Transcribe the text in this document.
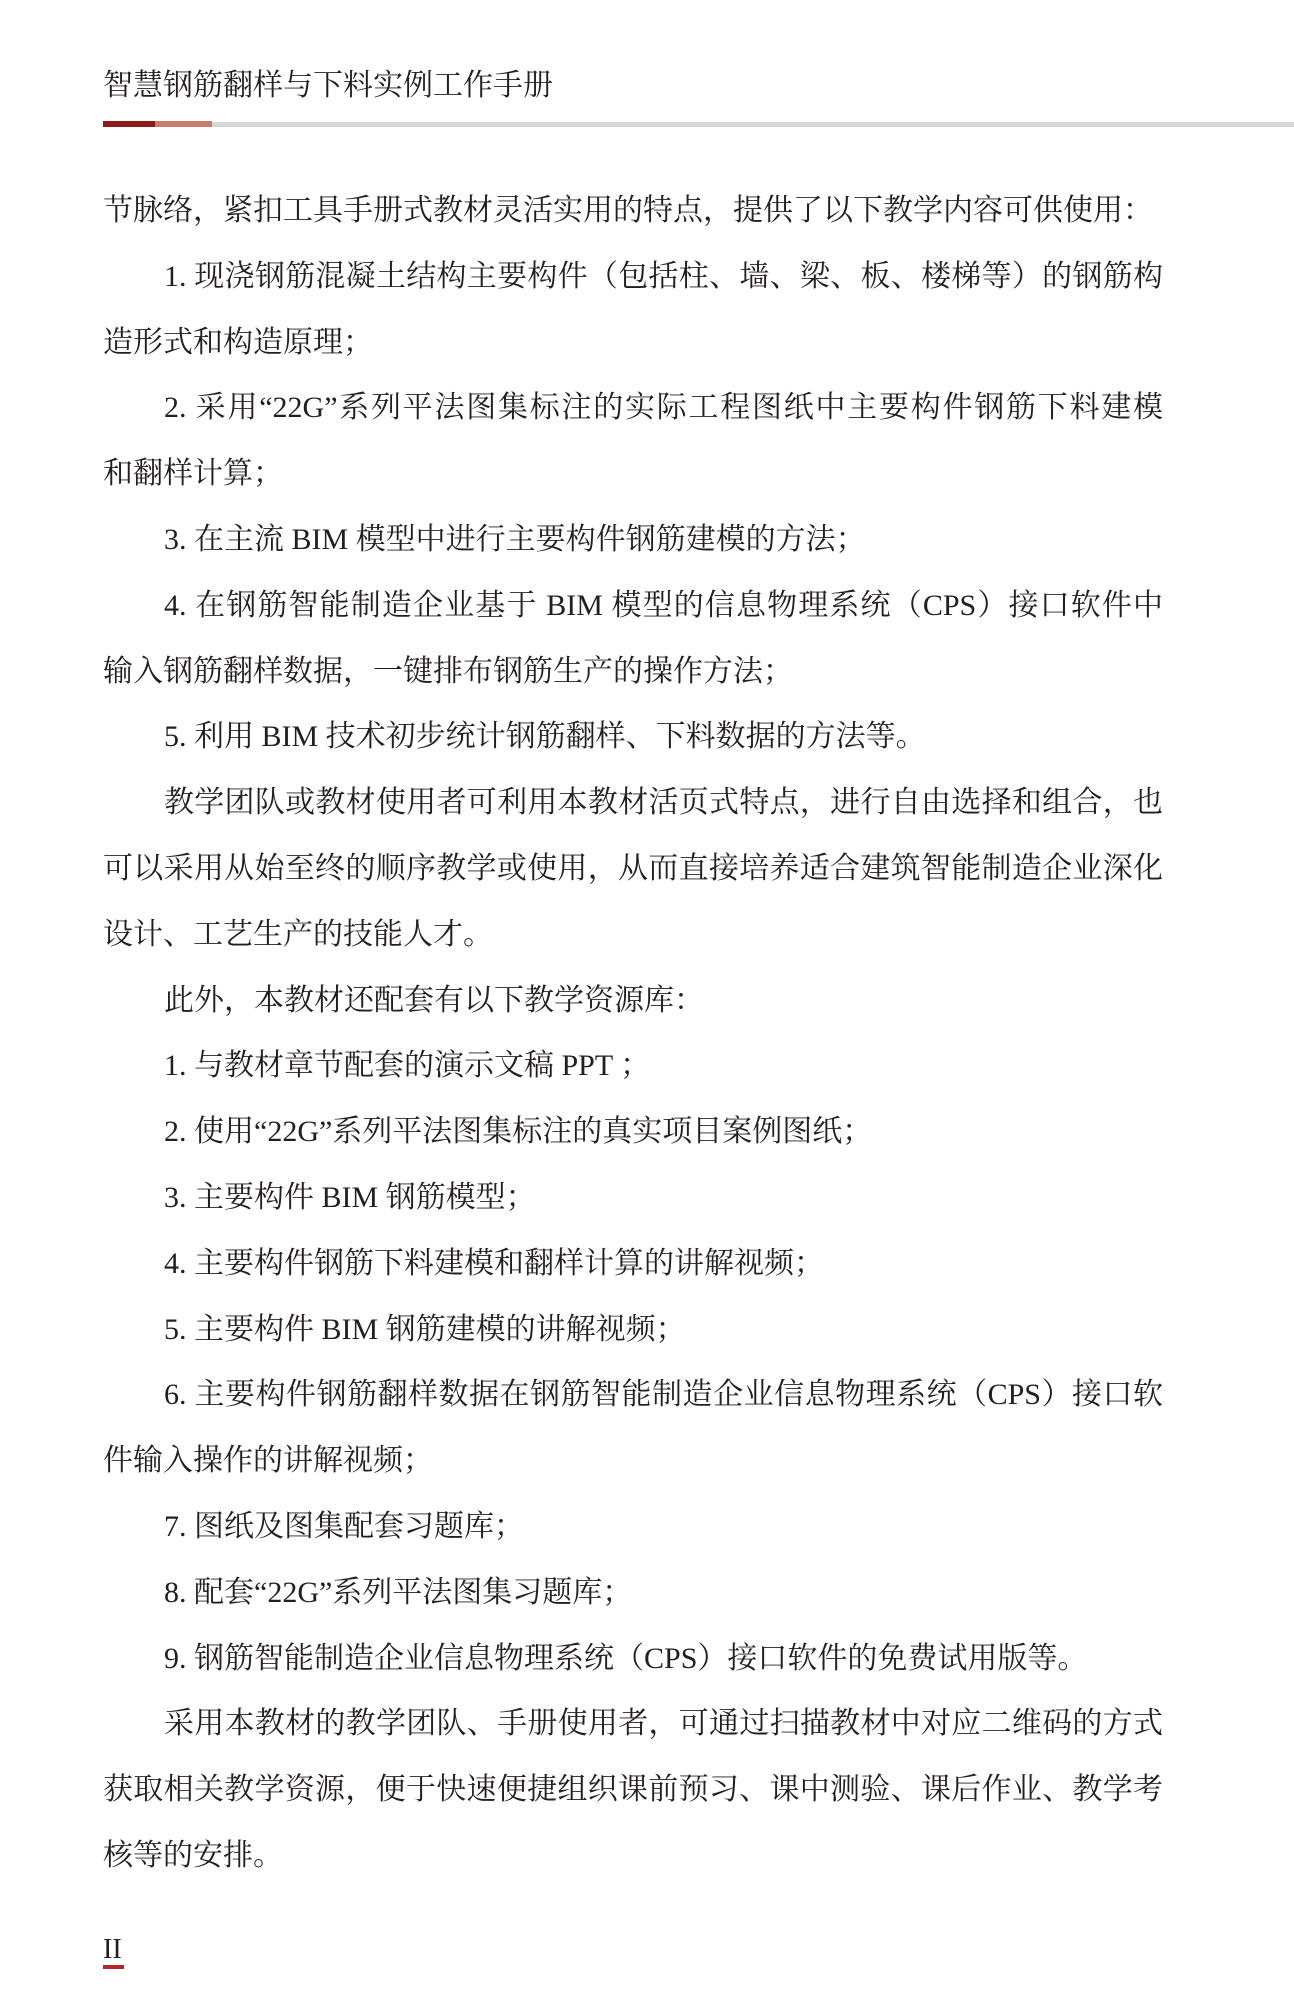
智慧钢筋翻样与下料实例工作手册
节脉络，紧扣工具手册式教材灵活实用的特点，提供了以下教学内容可供使用：
1. 现浇钢筋混凝土结构主要构件（包括柱、墙、梁、板、楼梯等）的钢筋构
造形式和构造原理；
2. 采用“22G”系列平法图集标注的实际工程图纸中主要构件钢筋下料建模
和翻样计算；
3. 在主流 BIM 模型中进行主要构件钢筋建模的方法；
4. 在钢筋智能制造企业基于 BIM 模型的信息物理系统（CPS）接口软件中
输入钢筋翻样数据，一键排布钢筋生产的操作方法；
5. 利用 BIM 技术初步统计钢筋翻样、下料数据的方法等。
教学团队或教材使用者可利用本教材活页式特点，进行自由选择和组合，也
可以采用从始至终的顺序教学或使用，从而直接培养适合建筑智能制造企业深化
设计、工艺生产的技能人才。
此外，本教材还配套有以下教学资源库：
1. 与教材章节配套的演示文稿 PPT ；
2. 使用“22G”系列平法图集标注的真实项目案例图纸；
3. 主要构件 BIM 钢筋模型；
4. 主要构件钢筋下料建模和翻样计算的讲解视频；
5. 主要构件 BIM 钢筋建模的讲解视频；
6. 主要构件钢筋翻样数据在钢筋智能制造企业信息物理系统（CPS）接口软
件输入操作的讲解视频；
7. 图纸及图集配套习题库；
8. 配套“22G”系列平法图集习题库；
9. 钢筋智能制造企业信息物理系统（CPS）接口软件的免费试用版等。
采用本教材的教学团队、手册使用者，可通过扫描教材中对应二维码的方式
获取相关教学资源，便于快速便捷组织课前预习、课中测验、课后作业、教学考
核等的安排。
II
